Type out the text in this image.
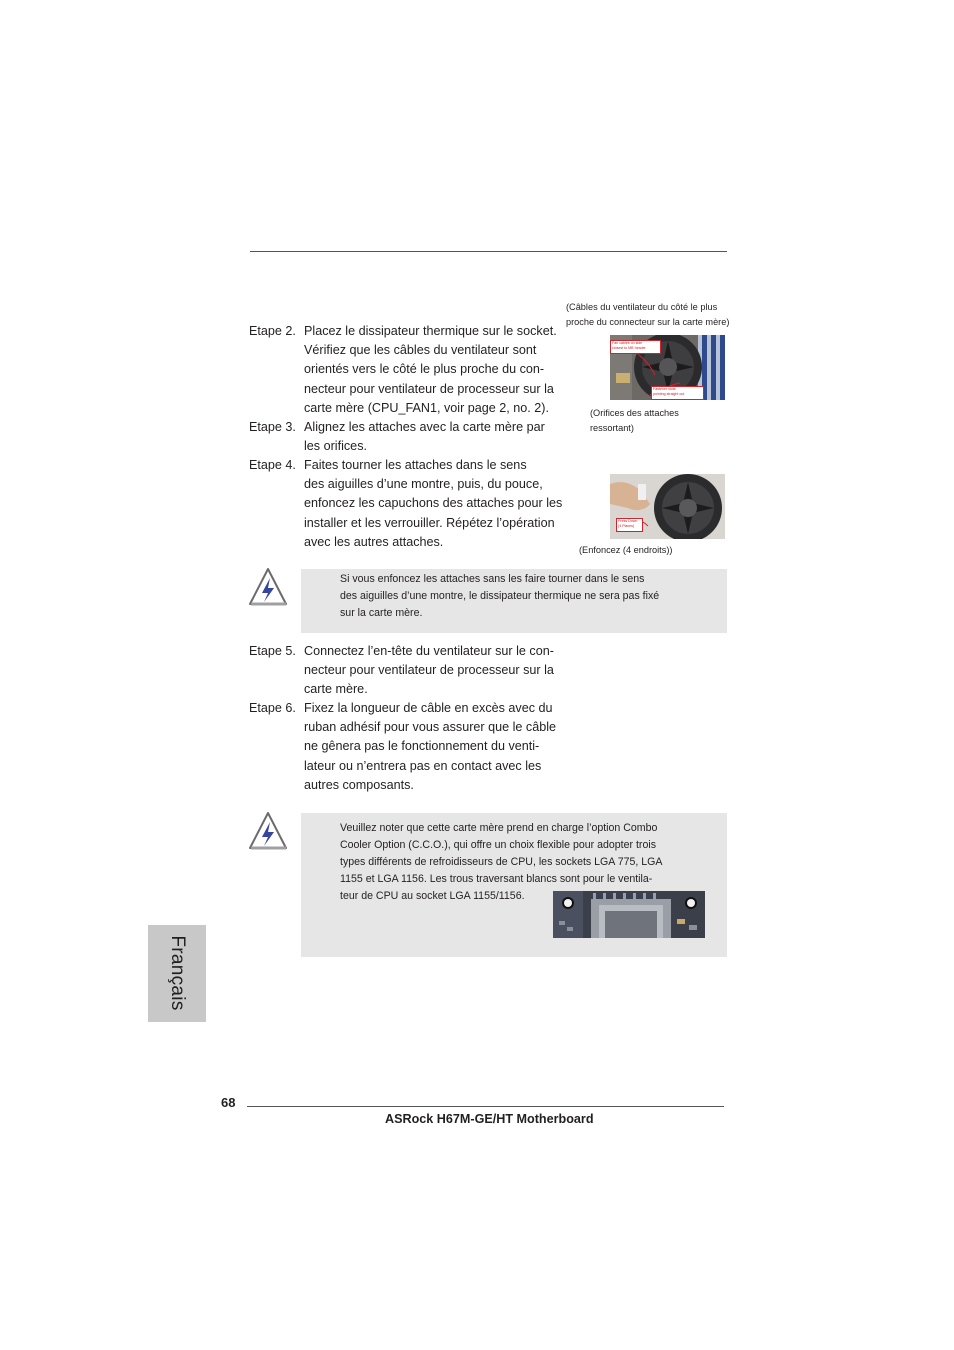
Etape 2. Placez le dissipateur thermique sur le socket.
Vérifiez que les câbles du ventilateur sont
orientés vers le côté le plus proche du con-
necteur pour ventilateur de processeur sur la
carte mère (CPU_FAN1, voir page 2, no. 2).
Etape 3. Alignez les attaches avec la carte mère par
les orifices.
Etape 4. Faites tourner les attaches dans le sens
des aiguilles d’une montre, puis, du pouce,
enfoncez les capuchons des attaches pour les
installer et les verrouiller. Répétez l’opération
avec les autres attaches.
(Câbles du ventilateur du côté le plus
proche du connecteur sur la carte mère)
Fan cables on side
closest to MB header
Fastener slots
pointing straight out
(Orifices des attaches
ressortant)
Press Down
(4 Places)
(Enfoncez (4 endroits))
Si vous enfoncez les attaches sans les faire tourner dans le sens
des aiguilles d’une montre, le dissipateur thermique ne sera pas fixé
sur la carte mère.
Etape 5. Connectez l’en-tête du ventilateur sur le con-
necteur pour ventilateur de processeur sur la
carte mère.
Etape 6. Fixez la longueur de câble en excès avec du
ruban adhésif pour vous assurer que le câble
ne gênera pas le fonctionnement du venti-
lateur ou n’entrera pas en contact avec les
autres composants.
Veuillez noter que cette carte mère prend en charge l’option Combo
Cooler Option (C.C.O.), qui offre un choix flexible pour adopter trois
types différents de refroidisseurs de CPU, les sockets LGA 775, LGA
1155 et LGA 1156. Les trous traversant blancs sont pour le ventila-
teur de CPU au socket LGA 1155/1156.
Français
68
ASRock H67M-GE/HT Motherboard
